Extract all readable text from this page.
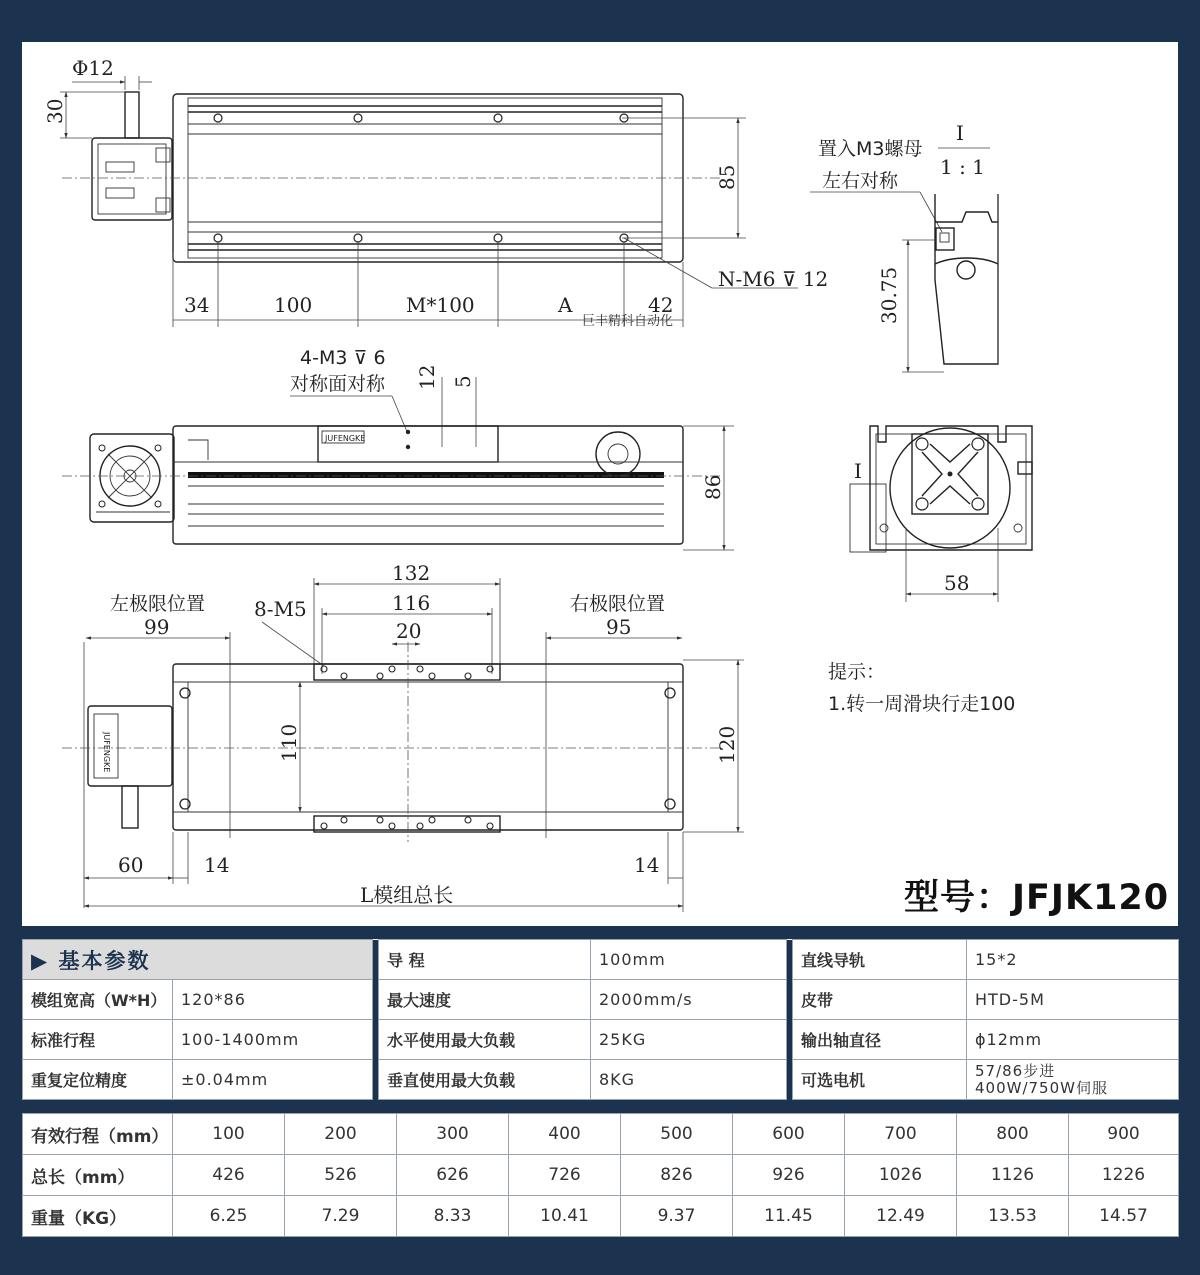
Φ12
30
85
34	100	M*100	A	42
N-M6 ⊽ 12
巨丰精科自动化
I
1 : 1
置入M3螺母
左右对称
30.75
4-M3 ⊽ 6
对称面对称 12 5
JUFENGKE
86
I
58
左极限位置
99
右极限位置
95
8-M5
132
116
20
JUFENGKE	110	120
60	14	14
L模组总长
提示：
1.转一周滑块行走100
型号：JFJK120
▶ 基本参数			导 程	100mm		直线导轨	15*2
模组宽高（W*H）	120*86		最大速度	2000mm/s		皮带	HTD-5M
标准行程	100-1400mm		水平使用最大负载	25KG		输出轴直径	ϕ12mm
重复定位精度	±0.04mm		垂直使用最大负载	8KG		可选电机	57/86步进
400W/750W伺服
有效行程（mm）	100	200	300	400	500	600	700	800	900
总长（mm）	426	526	626	726	826	926	1026	1126	1226
重量（KG）	6.25	7.29	8.33	10.41	9.37	11.45	12.49	13.53	14.57
